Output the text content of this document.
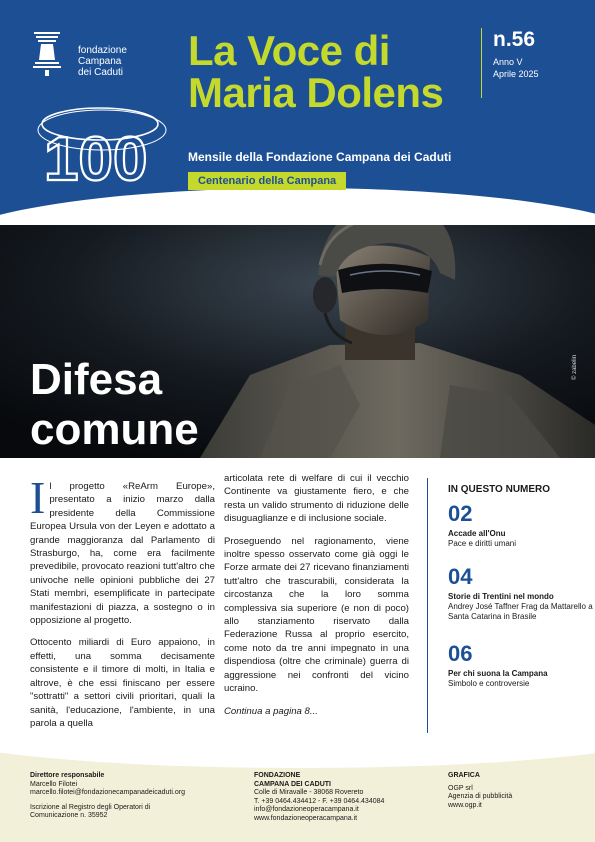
fondazione
Campana
dei Caduti
100
La Voce di
Maria Dolens
n.56
Anno V
Aprile 2025
Mensile della Fondazione Campana dei Caduti
Centenario della Campana
Difesa
comune
© zabelin

Il progetto «ReArm Europe», presentato a inizio marzo dalla presidente della Commissione Europea Ursula von der Leyen e adottato a grande maggioranza dal Parlamento di Strasburgo, ha, come era facilmente prevedibile, provocato reazioni tutt'altro che univoche nelle opinioni pubbliche dei 27 Stati membri, esemplificate in partecipate manifestazioni di piazza, a sostegno o in opposizione al progetto.

Ottocento miliardi di Euro appaiono, in effetti, una somma decisamente consistente e il timore di molti, in Italia e altrove, è che essi finiscano per essere "sottratti" a settori civili prioritari, quali la sanità, l'educazione, l'ambiente, in una parola a quella

articolata rete di welfare di cui il vecchio Continente va giustamente fiero, e che resta un valido strumento di riduzione delle disuguaglianze e di inclusione sociale.

Proseguendo nel ragionamento, viene inoltre spesso osservato come già oggi le Forze armate dei 27 ricevano finanziamenti tutt'altro che trascurabili, considerata la circostanza che la loro somma complessiva sia superiore (e non di poco) allo stanziamento riservato dalla Federazione Russa al proprio esercito, come noto da tre anni impegnato in una dispendiosa (oltre che criminale) guerra di aggressione nei confronti del vicino ucraino.

Continua a pagina 8...

IN QUESTO NUMERO
02
Accade all'Onu
Pace e diritti umani
04
Storie di Trentini nel mondo
Andrey José Taffner Frag da Mattarello a Santa Catarina in Brasile
06
Per chi suona la Campana
Simbolo e controversie
Direttore responsabile
Marcello Filotei
marcello.filotei@fondazionecampanadeicaduti.org
Iscrizione al Registro degli Operatori di
Comunicazione n. 35952
FONDAZIONE
CAMPANA DEI CADUTI
Colle di Miravalle - 38068 Rovereto
T. +39 0464.434412 - F. +39 0464.434084
info@fondazioneoperacampana.it
www.fondazioneoperacampana.it
GRAFICA
OGP srl
Agenzia di pubblicità
www.ogp.it
